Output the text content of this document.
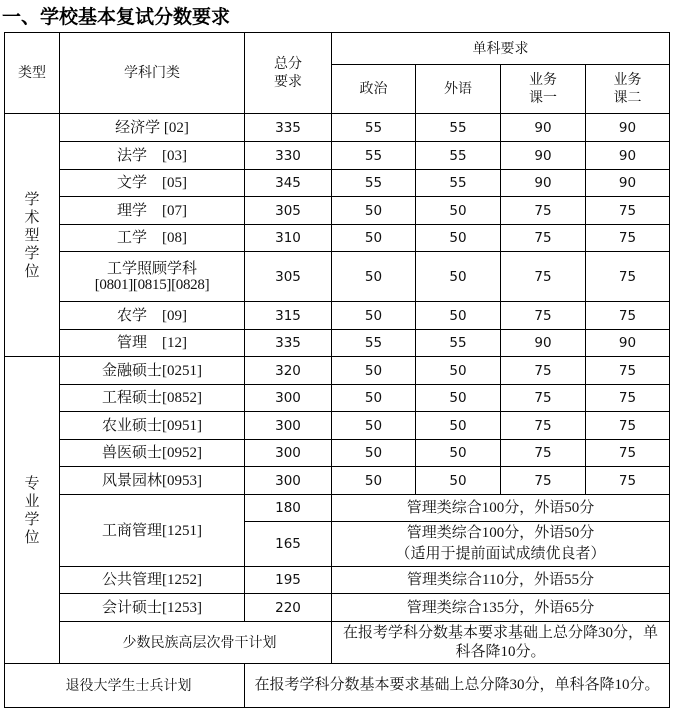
一、学校基本复试分数要求
类型	学科门类	总分要求	单科要求			
			政治	外语	业务课一	业务课二
学术型学位	经济学 [02]	335	55	55	90	90
	法学　[03]	330	55	55	90	90
	文学　[05]	345	55	55	90	90
	理学　[07]	305	50	50	75	75
	工学　[08]	310	50	50	75	75

	工学照顾学科
[0801][0815][0828]	305	50	50	75	75
	农学　[09]	315	50	50	75	75
	管理　[12]	335	55	55	90	90
专业学位	金融硕士[0251]	320	50	50	75	75
	工程硕士[0852]	300	50	50	75	75
	农业硕士[0951]	300	50	50	75	75
	兽医硕士[0952]	300	50	50	75	75
	风景园林[0953]	300	50	50	75	75
	工商管理[1251]	180	管理类综合100分，外语50分			
		165	管理类综合100分，外语50分
（适用于提前面试成绩优良者）			

	公共管理[1252]	195	管理类综合110分，外语55分			
	会计硕士[1253]	220	管理类综合135分，外语65分			
	少数民族高层次骨干计划		在报考学科分数基本要求基础上总分降30分，单科各降10分。			
退役大学生士兵计划		在报考学科分数基本要求基础上总分降30分，单科各降10分。				
